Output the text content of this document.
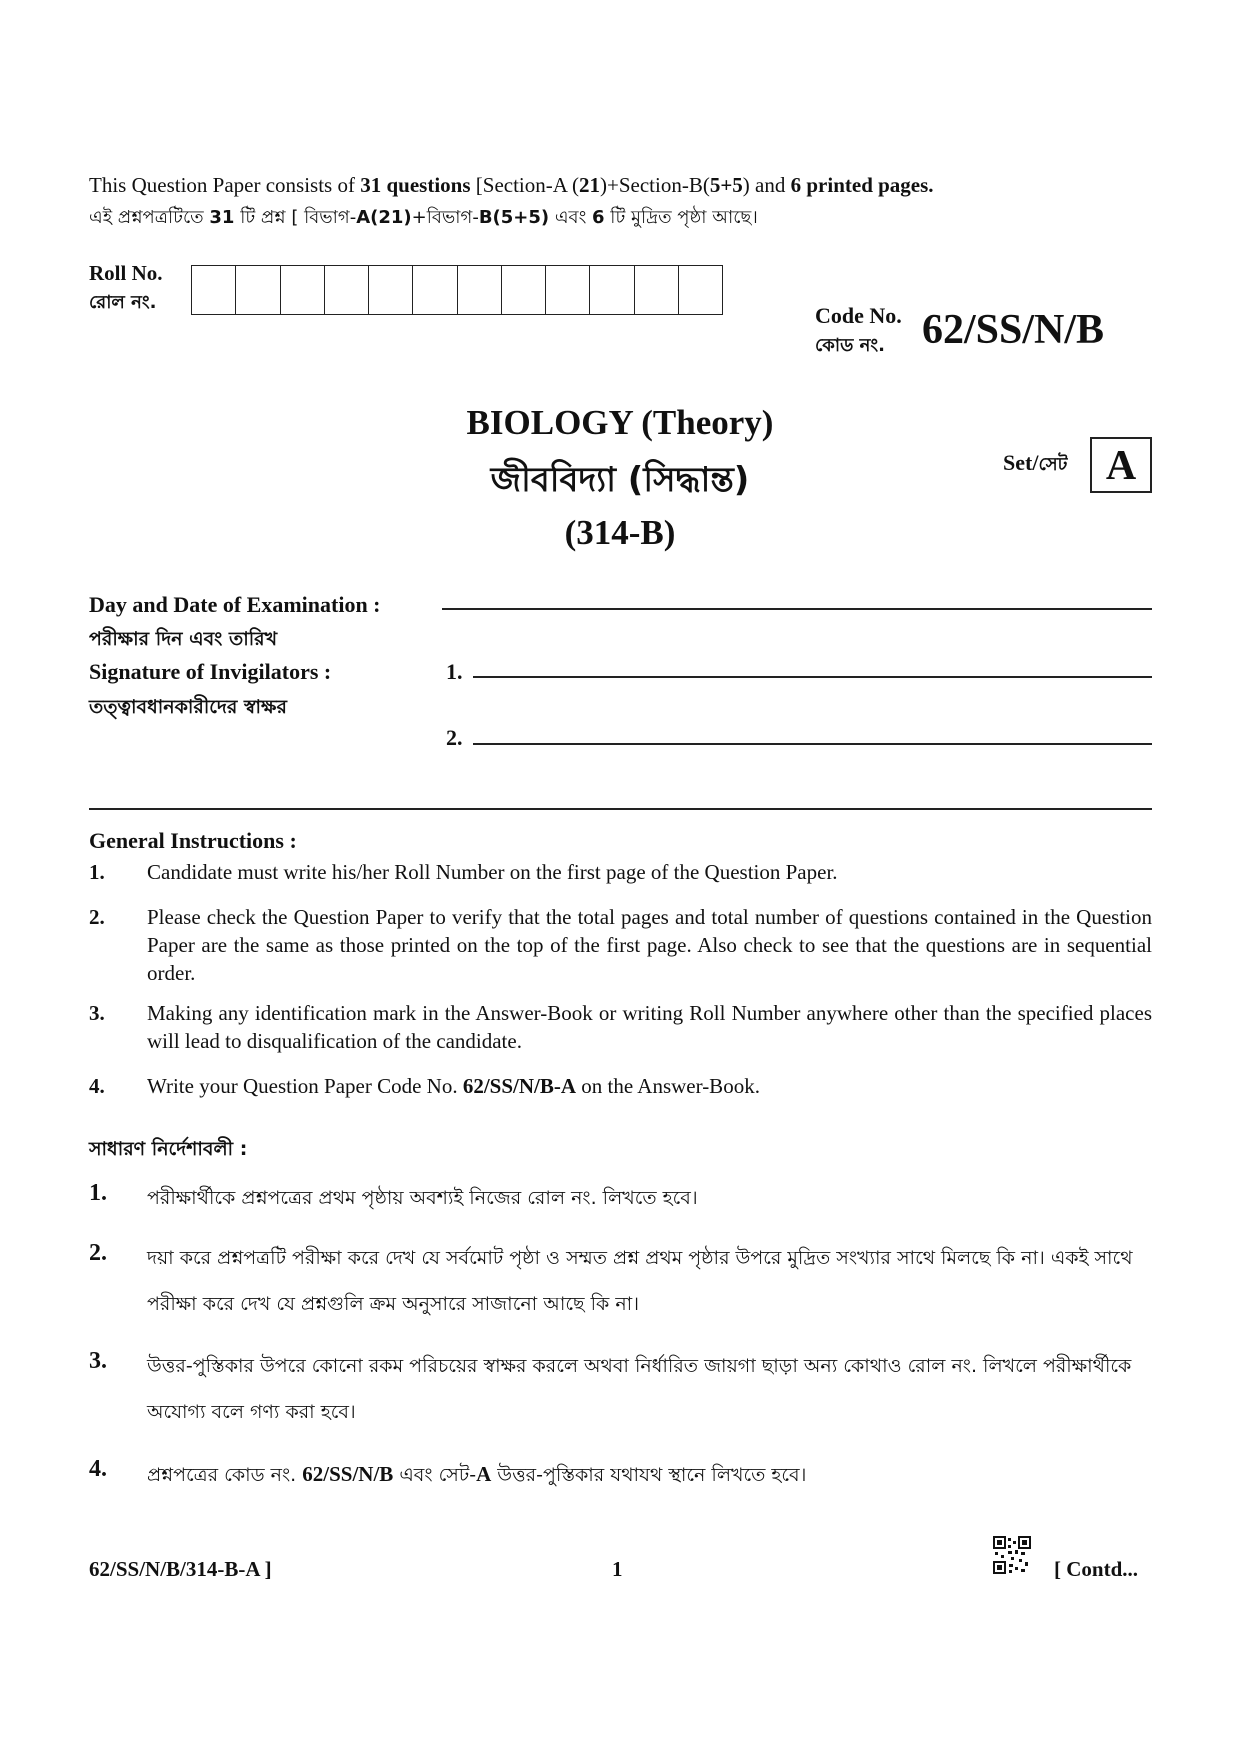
This Question Paper consists of 31 questions [Section-A (21)+Section-B(5+5) and 6 printed pages.
এই প্রশ্নপত্রটিতে 31 টি প্রশ্ন [ বিভাগ-A(21)+বিভাগ-B(5+5) এবং 6 টি মুদ্রিত পৃষ্ঠা আছে।
Roll No.
রোল নং.
Code No.
কোড নং. 62/SS/N/B
BIOLOGY (Theory)
জীববিদ্যা (সিদ্ধান্ত)
(314-B)
Set/সেট A
Day and Date of Examination :
পরীক্ষার দিন এবং তারিখ
Signature of Invigilators :	1.
তত্ত্বাবধানকারীদের স্বাক্ষর
2.
General Instructions :
1. Candidate must write his/her Roll Number on the first page of the Question Paper.
2. Please check the Question Paper to verify that the total pages and total number of questions contained in the Question Paper are the same as those printed on the top of the first page. Also check to see that the questions are in sequential order.
3. Making any identification mark in the Answer-Book or writing Roll Number anywhere other than the specified places will lead to disqualification of the candidate.
4. Write your Question Paper Code No. 62/SS/N/B-A on the Answer-Book.
সাধারণ নির্দেশাবলী :
1. পরীক্ষার্থীকে প্রশ্নপত্রের প্রথম পৃষ্ঠায় অবশ্যই নিজের রোল নং. লিখতে হবে।
2. দয়া করে প্রশ্নপত্রটি পরীক্ষা করে দেখ যে সর্বমোট পৃষ্ঠা ও সম্মত প্রশ্ন প্রথম পৃষ্ঠার উপরে মুদ্রিত সংখ্যার সাথে মিলছে কি না। একই সাথে পরীক্ষা করে দেখ যে প্রশ্নগুলি ক্রম অনুসারে সাজানো আছে কি না।
3. উত্তর-পুস্তিকার উপরে কোনো রকম পরিচয়ের স্বাক্ষর করলে অথবা নির্ধারিত জায়গা ছাড়া অন্য কোথাও রোল নং. লিখলে পরীক্ষার্থীকে অযোগ্য বলে গণ্য করা হবে।
4. প্রশ্নপত্রের কোড নং. 62/SS/N/B এবং সেট-A উত্তর-পুস্তিকার যথাযথ স্থানে লিখতে হবে।
62/SS/N/B/314-B-A ]	1	[ Contd...
